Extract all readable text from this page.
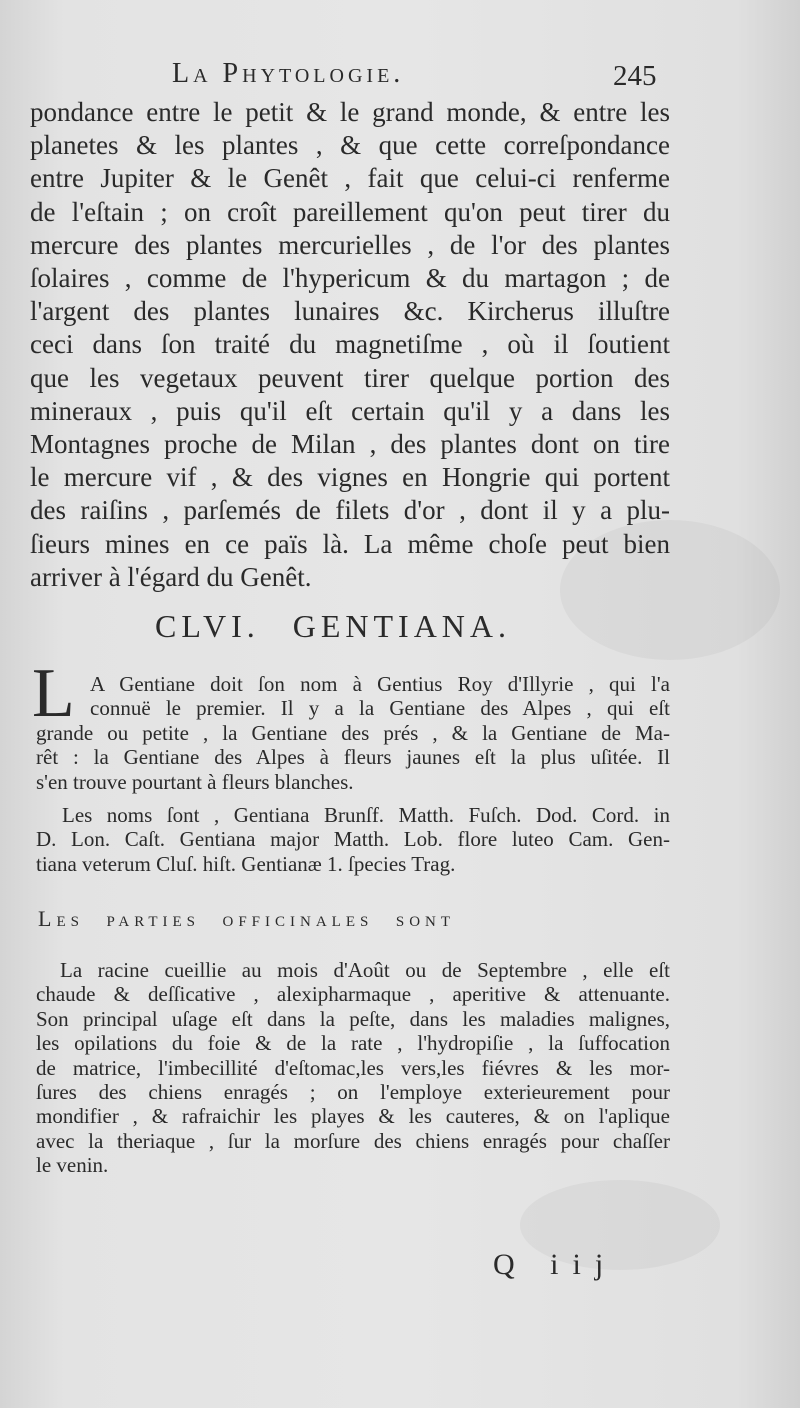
La Phytologie.	245

pondance entre le petit & le grand monde, & entre les
planetes & les plantes , & que cette correſpondance
entre Jupiter & le Genêt , fait que celui-ci renferme
de l'eſtain ; on croît pareillement qu'on peut tirer du
mercure des plantes mercurielles , de l'or des plantes
ſolaires , comme de l'hypericum & du martagon ; de
l'argent des plantes lunaires &c. Kircherus illuſtre
ceci dans ſon traité du magnetiſme , où il ſoutient
que les vegetaux peuvent tirer quelque portion des
mineraux , puis qu'il eſt certain qu'il y a dans les
Montagnes proche de Milan , des plantes dont on tire
le mercure vif , & des vignes en Hongrie qui portent
des raiſins , parſemés de filets d'or , dont il y a plu-
ſieurs mines en ce païs là. La même choſe peut bien
arriver à l'égard du Genêt.

CLVI. GENTIANA.
L A Gentiane doit ſon nom à Gentius Roy d'Illyrie , qui l'a
connuë le premier. Il y a la Gentiane des Alpes , qui eſt
grande ou petite , la Gentiane des prés , & la Gentiane de Ma-
rêt : la Gentiane des Alpes à fleurs jaunes eſt la plus uſitée. Il
s'en trouve pourtant à fleurs blanches.

Les noms ſont , Gentiana Brunſf. Matth. Fuſch. Dod. Cord. in
D. Lon. Caſt. Gentiana major Matth. Lob. flore luteo Cam. Gen-
tiana veterum Cluſ. hiſt. Gentianæ 1. ſpecies Trag.

Les parties officinales sont

La racine cueillie au mois d'Août ou de Septembre , elle eſt
chaude & deſſicative , alexipharmaque , aperitive & attenuante.
Son principal uſage eſt dans la peſte, dans les maladies malignes,
les opilations du foie & de la rate , l'hydropiſie , la ſuffocation
de matrice, l'imbecillité d'eſtomac,les vers,les fiévres & les mor-
ſures des chiens enragés ; on l'employe exterieurement pour
mondifier , & rafraichir les playes & les cauteres, & on l'aplique
avec la theriaque , ſur la morſure des chiens enragés pour chaſſer
le venin.

Q iij
